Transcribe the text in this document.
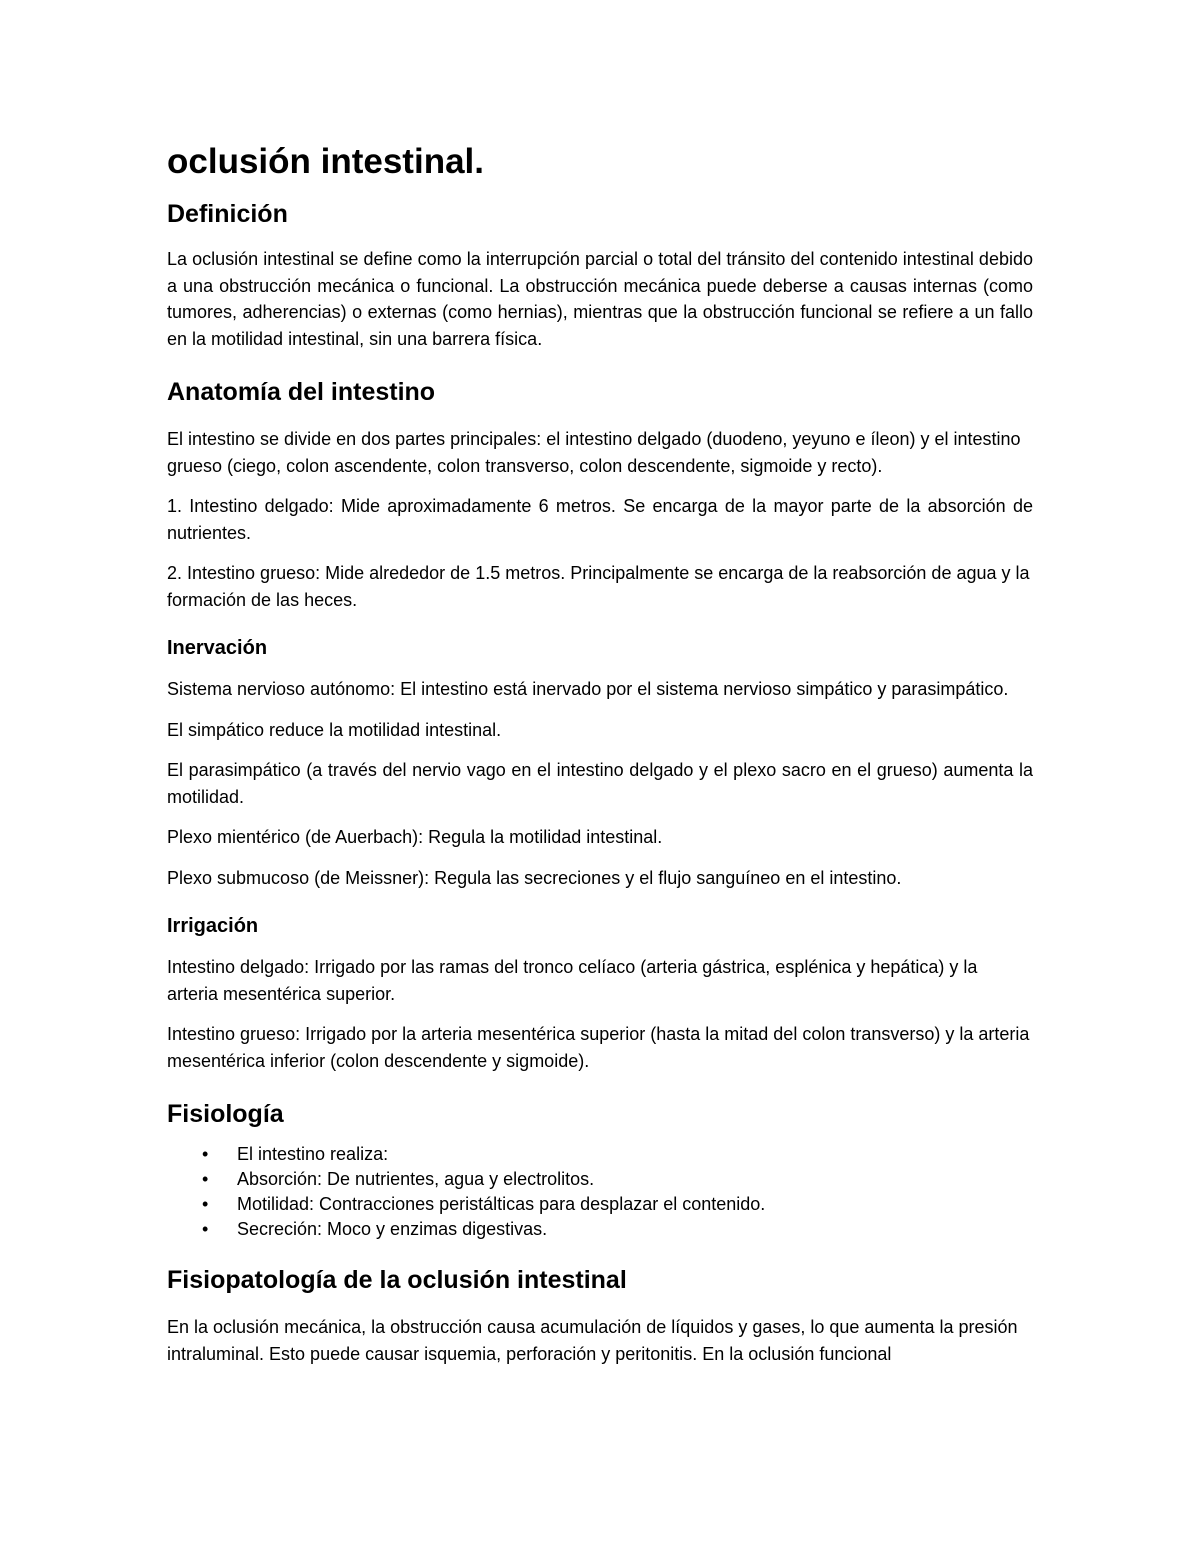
oclusión intestinal.
Definición

La oclusión intestinal se define como la interrupción parcial o total del tránsito del contenido intestinal debido a una obstrucción mecánica o funcional. La obstrucción mecánica puede deberse a causas internas (como tumores, adherencias) o externas (como hernias), mientras que la obstrucción funcional se refiere a un fallo en la motilidad intestinal, sin una barrera física.

Anatomía del intestino

El intestino se divide en dos partes principales: el intestino delgado (duodeno, yeyuno e íleon) y el intestino grueso (ciego, colon ascendente, colon transverso, colon descendente, sigmoide y recto).

1. Intestino delgado: Mide aproximadamente 6 metros. Se encarga de la mayor parte de la absorción de nutrientes.

2. Intestino grueso: Mide alrededor de 1.5 metros. Principalmente se encarga de la reabsorción de agua y la formación de las heces.

Inervación

Sistema nervioso autónomo: El intestino está inervado por el sistema nervioso simpático y parasimpático.

El simpático reduce la motilidad intestinal.

El parasimpático (a través del nervio vago en el intestino delgado y el plexo sacro en el grueso) aumenta la motilidad.

Plexo mientérico (de Auerbach): Regula la motilidad intestinal.

Plexo submucoso (de Meissner): Regula las secreciones y el flujo sanguíneo en el intestino.

Irrigación

Intestino delgado: Irrigado por las ramas del tronco celíaco (arteria gástrica, esplénica y hepática) y la arteria mesentérica superior.

Intestino grueso: Irrigado por la arteria mesentérica superior (hasta la mitad del colon transverso) y la arteria mesentérica inferior (colon descendente y sigmoide).

Fisiología
• El intestino realiza:
• Absorción: De nutrientes, agua y electrolitos.
• Motilidad: Contracciones peristálticas para desplazar el contenido.
• Secreción: Moco y enzimas digestivas.
Fisiopatología de la oclusión intestinal

En la oclusión mecánica, la obstrucción causa acumulación de líquidos y gases, lo que aumenta la presión intraluminal. Esto puede causar isquemia, perforación y peritonitis. En la oclusión funcional
